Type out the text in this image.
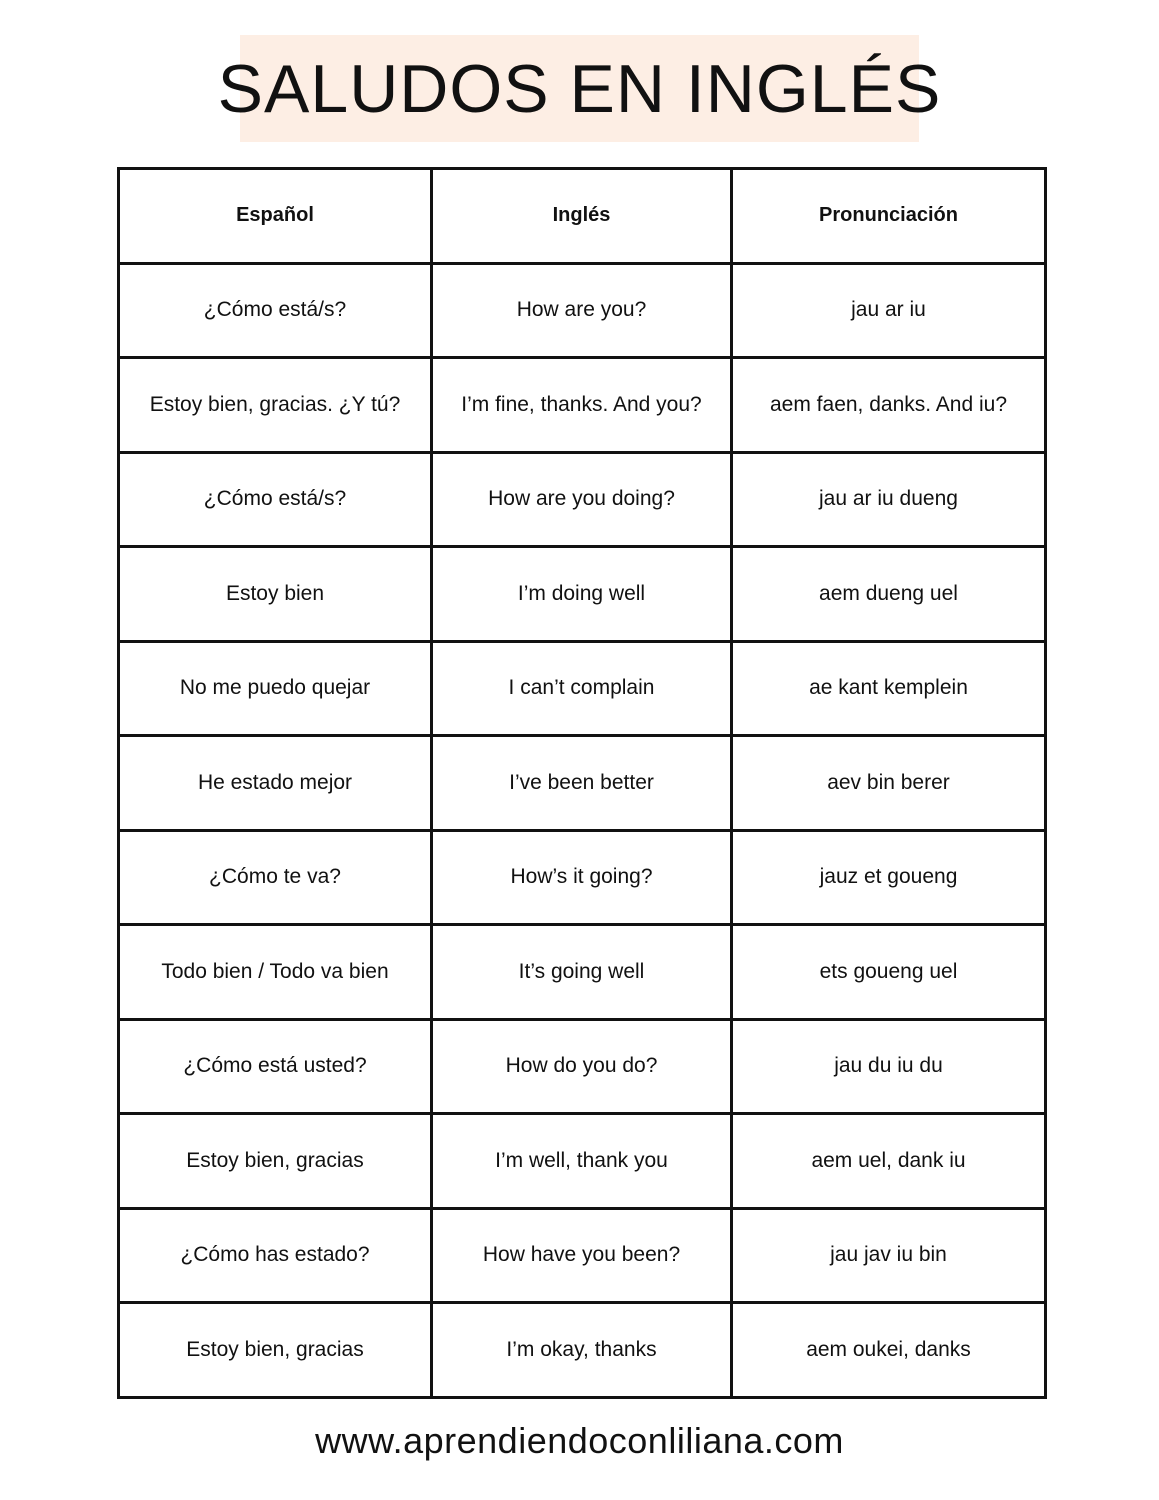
SALUDOS EN INGLÉS
Español	Inglés	Pronunciación
¿Cómo está/s?	How are you?	jau ar iu
Estoy bien, gracias. ¿Y tú?	I’m fine, thanks. And you?	aem faen, danks. And iu?
¿Cómo está/s?	How are you doing?	jau ar iu dueng
Estoy bien	I’m doing well	aem dueng uel
No me puedo quejar	I can’t complain	ae kant kemplein
He estado mejor	I’ve been better	aev bin berer
¿Cómo te va?	How’s it going?	jauz et goueng
Todo bien / Todo va bien	It’s going well	ets goueng uel
¿Cómo está usted?	How do you do?	jau du iu du
Estoy bien, gracias	I’m well, thank you	aem uel, dank iu
¿Cómo has estado?	How have you been?	jau jav iu bin
Estoy bien, gracias	I’m okay, thanks	aem oukei, danks
www.aprendiendoconliliana.com
